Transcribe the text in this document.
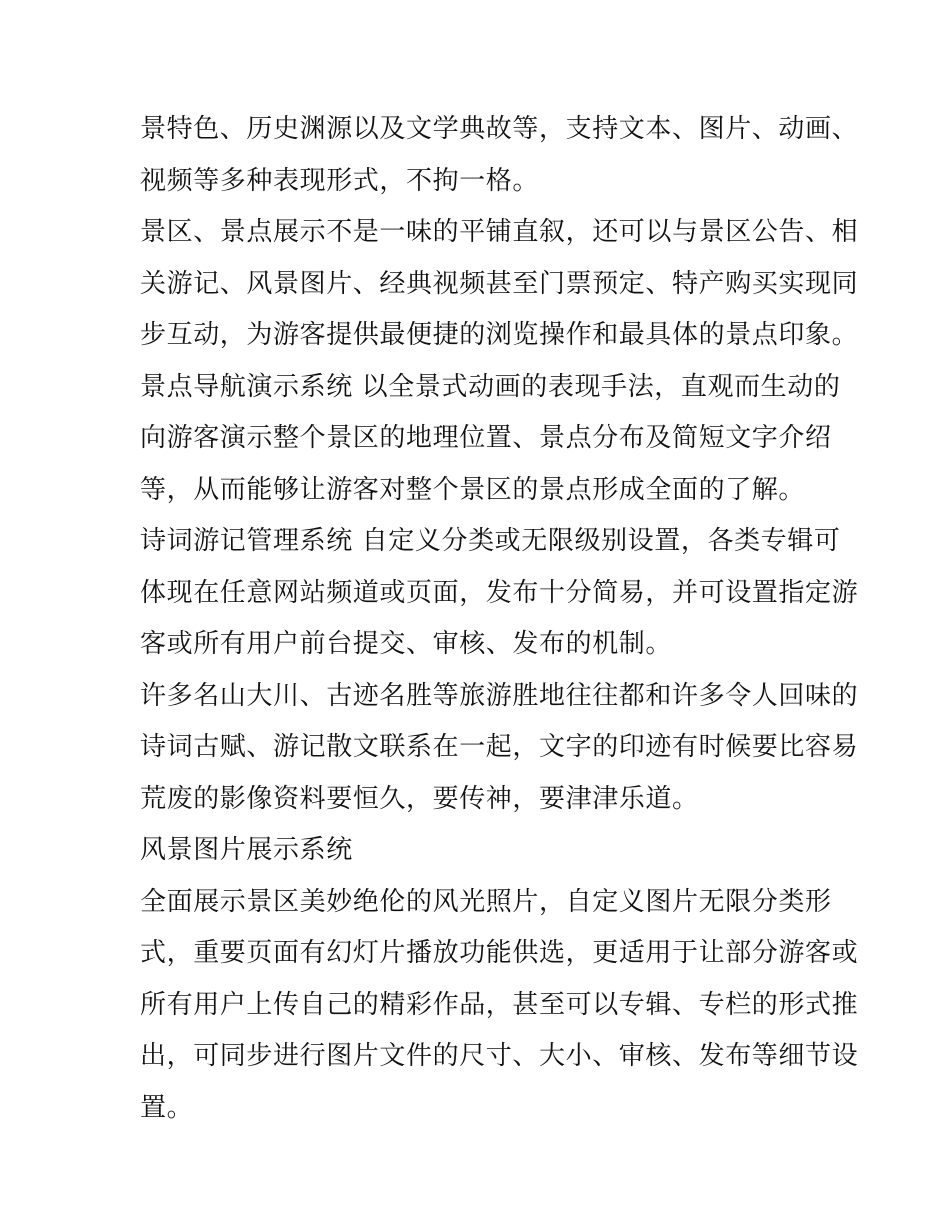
景特色、历史渊源以及文学典故等，支持文本、图片、动画、
视频等多种表现形式，不拘一格。
景区、景点展示不是一味的平铺直叙，还可以与景区公告、相
关游记、风景图片、经典视频甚至门票预定、特产购买实现同
步互动，为游客提供最便捷的浏览操作和最具体的景点印象。
景点导航演示系统 以全景式动画的表现手法，直观而生动的
向游客演示整个景区的地理位置、景点分布及简短文字介绍
等，从而能够让游客对整个景区的景点形成全面的了解。
诗词游记管理系统 自定义分类或无限级别设置，各类专辑可
体现在任意网站频道或页面，发布十分简易，并可设置指定游
客或所有用户前台提交、审核、发布的机制。
许多名山大川、古迹名胜等旅游胜地往往都和许多令人回味的
诗词古赋、游记散文联系在一起，文字的印迹有时候要比容易
荒废的影像资料要恒久，要传神，要津津乐道。
风景图片展示系统
全面展示景区美妙绝伦的风光照片，自定义图片无限分类形
式，重要页面有幻灯片播放功能供选，更适用于让部分游客或
所有用户上传自己的精彩作品，甚至可以专辑、专栏的形式推
出，可同步进行图片文件的尺寸、大小、审核、发布等细节设
置。
